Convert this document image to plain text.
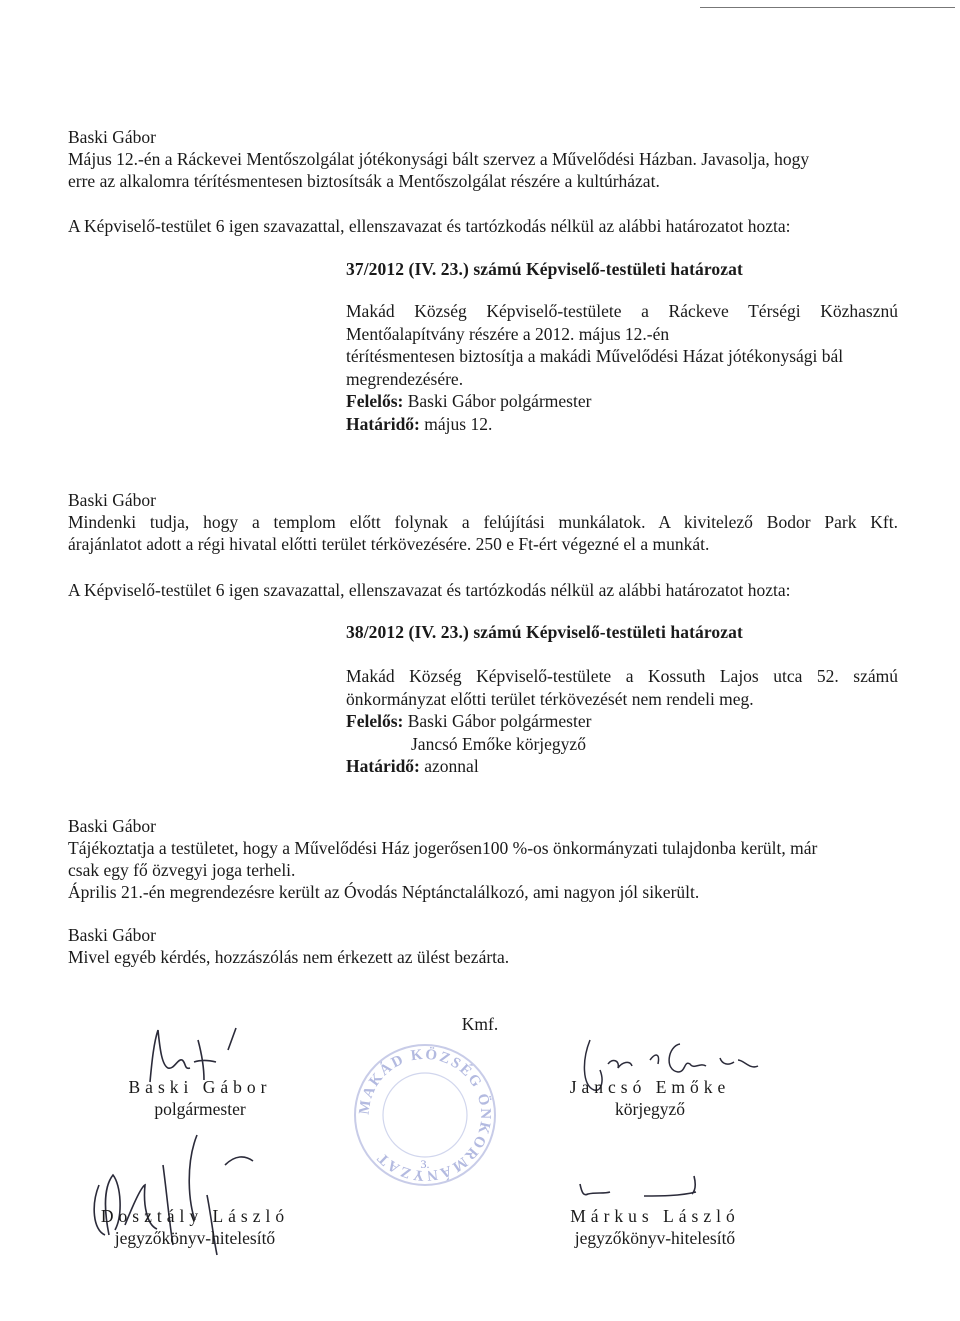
Baski Gábor

Május 12.-én a Ráckevei Mentőszolgálat jótékonysági bált szervez a Művelődési Házban. Javasolja, hogy

erre az alkalomra térítésmentesen biztosítsák a Mentőszolgálat részére a kultúrházat.

A Képviselő-testület 6 igen szavazattal, ellenszavazat és tartózkodás nélkül az alábbi határozatot hozta:

37/2012 (IV. 23.) számú Képviselő-testületi határozat

Makád Község Képviselő-testülete a Ráckeve Térségi Közhasznú

Mentőalapítvány részére a 2012. május 12.-én

térítésmentesen biztosítja a makádi Művelődési Házat jótékonysági bál

megrendezésére.

Felelős: Baski Gábor polgármester

Határidő: május 12.

Baski Gábor

Mindenki tudja, hogy a templom előtt folynak a felújítási munkálatok. A kivitelező Bodor Park Kft.

árajánlatot adott a régi hivatal előtti terület térkövezésére. 250 e Ft-ért végezné el a munkát.

A Képviselő-testület 6 igen szavazattal, ellenszavazat és tartózkodás nélkül az alábbi határozatot hozta:

38/2012 (IV. 23.) számú Képviselő-testületi határozat

Makád Község Képviselő-testülete a Kossuth Lajos utca 52. számú

önkormányzat előtti terület térkövezését nem rendeli meg.

Felelős: Baski Gábor polgármester

Jancsó Emőke körjegyző

Határidő: azonnal

Baski Gábor

Tájékoztatja a testületet, hogy a Művelődési Ház jogerősen100 %-os önkormányzati tulajdonba került, már

csak egy fő özvegyi joga terheli.

Április 21.-én megrendezésre került az Óvodás Néptánctalálkozó, ami nagyon jól sikerült.

Baski Gábor

Mivel egyéb kérdés, hozzászólás nem érkezett az ülést bezárta.

Kmf.
Baski Gábor
polgármester	MAKÁD KÖZSÉG ÖNKORMÁNYZAT	3.
Jancsó Emőke
körjegyző
Dosztály László
jegyzőkönyv-hitelesítő
Márkus László
jegyzőkönyv-hitelesítő
